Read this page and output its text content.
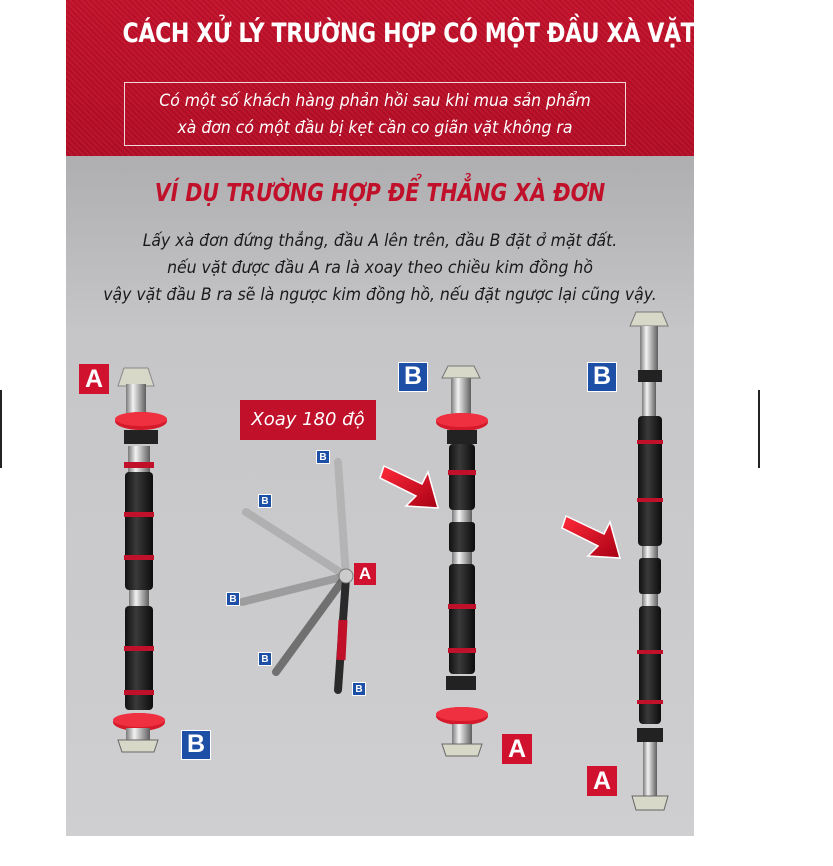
CÁCH XỬ LÝ TRƯỜNG HỢP CÓ MỘT ĐẦU XÀ VẶT KHÔNG RA
Có một số khách hàng phản hồi sau khi mua sản phẩm
xà đơn có một đầu bị kẹt cần co giãn vặt không ra
VÍ DỤ TRƯỜNG HỢP ĐỂ THẲNG XÀ ĐƠN
Lấy xà đơn đứng thẳng, đầu A lên trên, đầu B đặt ở mặt đất.
nếu vặt được đầu A ra là xoay theo chiều kim đồng hồ
vậy vặt đầu B ra sẽ là ngược kim đồng hồ, nếu đặt ngược lại cũng vậy.
A
B
Xoay 180 độ
B
B
B
B
B
A
B
A
B
A
